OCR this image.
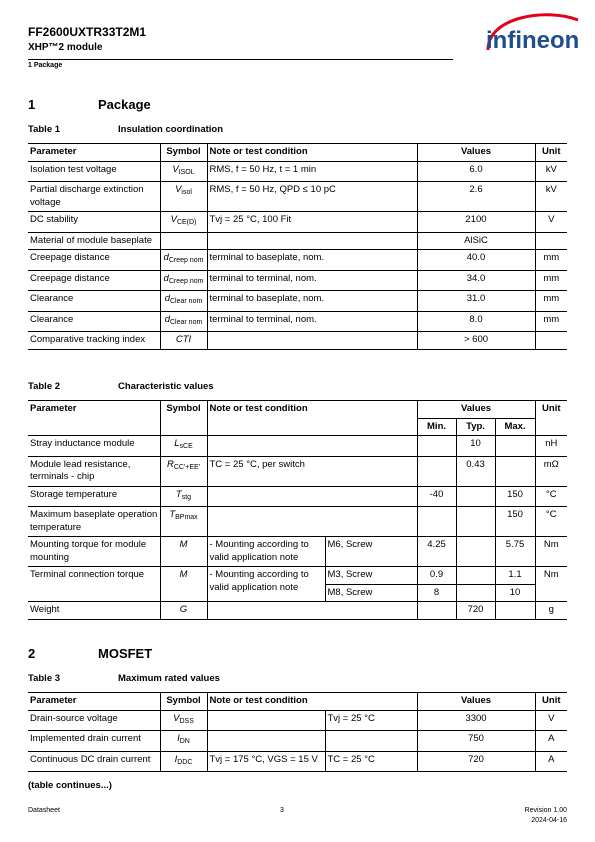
FF2600UXTR33T2M1
XHP™2 module
1 Package
infineon
1	Package
Table 1	Insulation coordination
Parameter	Symbol	Note or test condition	Values	Unit
Isolation test voltage	$V_{ISOL}$	RMS, f = 50 Hz, t = 1 min	6.0	kV
Partial discharge extinction voltage	$V_{isol}$	RMS, f = 50 Hz, QPD ≤ 10 pC	2.6	kV
DC stability	$V_{CE(D)}$	Tvj = 25 °C, 100 Fit	2100	V
Material of module baseplate			AlSiC	
Creepage distance	$d_{Creep nom}$	terminal to baseplate, nom.	40.0	mm
Creepage distance	$d_{Creep nom}$	terminal to terminal, nom.	34.0	mm
Clearance	$d_{Clear nom}$	terminal to baseplate, nom.	31.0	mm
Clearance	$d_{Clear nom}$	terminal to terminal, nom.	8.0	mm
Comparative tracking index	CTI		> 600	
Table 2	Characteristic values
Parameter	Symbol	Note or test condition		Values			Unit
				Min.	Typ.	Max.	
Stray inductance module	$L_{sCE}$				10		nH
Module lead resistance, terminals - chip	$R_{CC'+EE'}$	TC = 25 °C, per switch			0.43		mΩ
Storage temperature	$T_{stg}$			-40		150	°C
Maximum baseplate operation temperature	$T_{BPmax}$					150	°C
Mounting torque for module mounting	M	- Mounting according to valid application note	M6, Screw	4.25		5.75	Nm
Terminal connection torque	M	- Mounting according to valid application note	M3, Screw	0.9		1.1	Nm
			M8, Screw	8		10	
Weight	G				720		g
2	MOSFET
Table 3	Maximum rated values
Parameter	Symbol	Note or test condition		Values	Unit
Drain-source voltage	$V_{DSS}$		Tvj = 25 °C	3300	V
Implemented drain current	$I_{DN}$			750	A
Continuous DC drain current	$I_{DDC}$	Tvj = 175 °C, VGS = 15 V	TC = 25 °C	720	A
(table continues...)
Datasheet	3	Revision 1.00
2024-04-16
